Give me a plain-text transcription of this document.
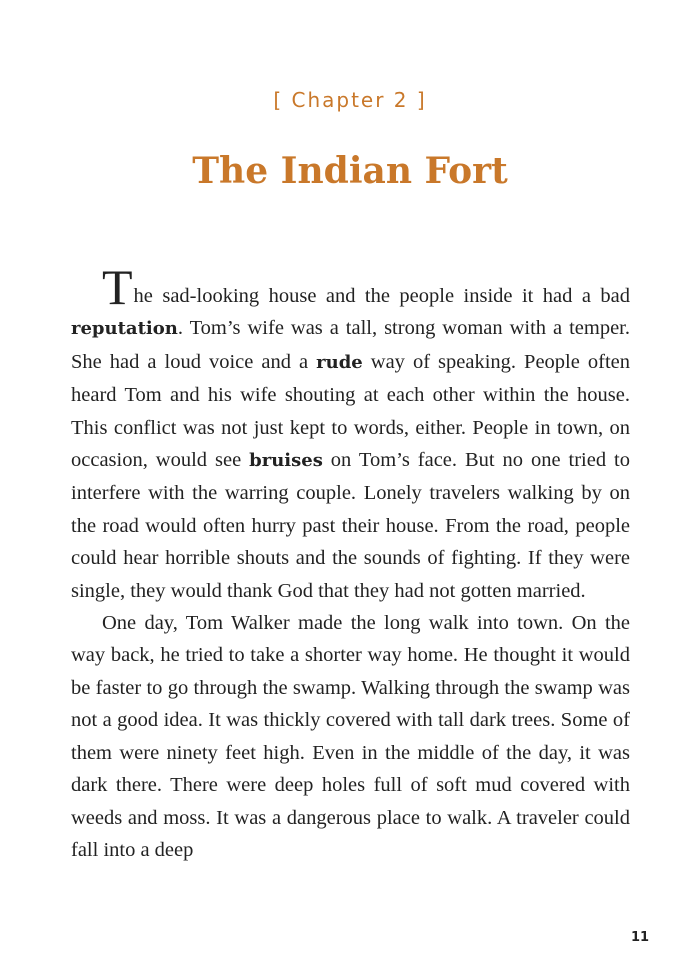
[ Chapter 2 ]
The Indian Fort

The sad-looking house and the people inside it had a bad reputation. Tom’s wife was a tall, strong woman with a temper. She had a loud voice and a rude way of speaking. People often heard Tom and his wife shouting at each other within the house. This conflict was not just kept to words, either. People in town, on occasion, would see bruises on Tom’s face. But no one tried to interfere with the warring couple. Lonely travelers walking by on the road would often hurry past their house. From the road, people could hear horrible shouts and the sounds of fighting. If they were single, they would thank God that they had not gotten married.

One day, Tom Walker made the long walk into town. On the way back, he tried to take a shorter way home. He thought it would be faster to go through the swamp. Walking through the swamp was not a good idea. It was thickly covered with tall dark trees. Some of them were ninety feet high. Even in the middle of the day, it was dark there. There were deep holes full of soft mud covered with weeds and moss. It was a dangerous place to walk. A traveler could fall into a deep

11
